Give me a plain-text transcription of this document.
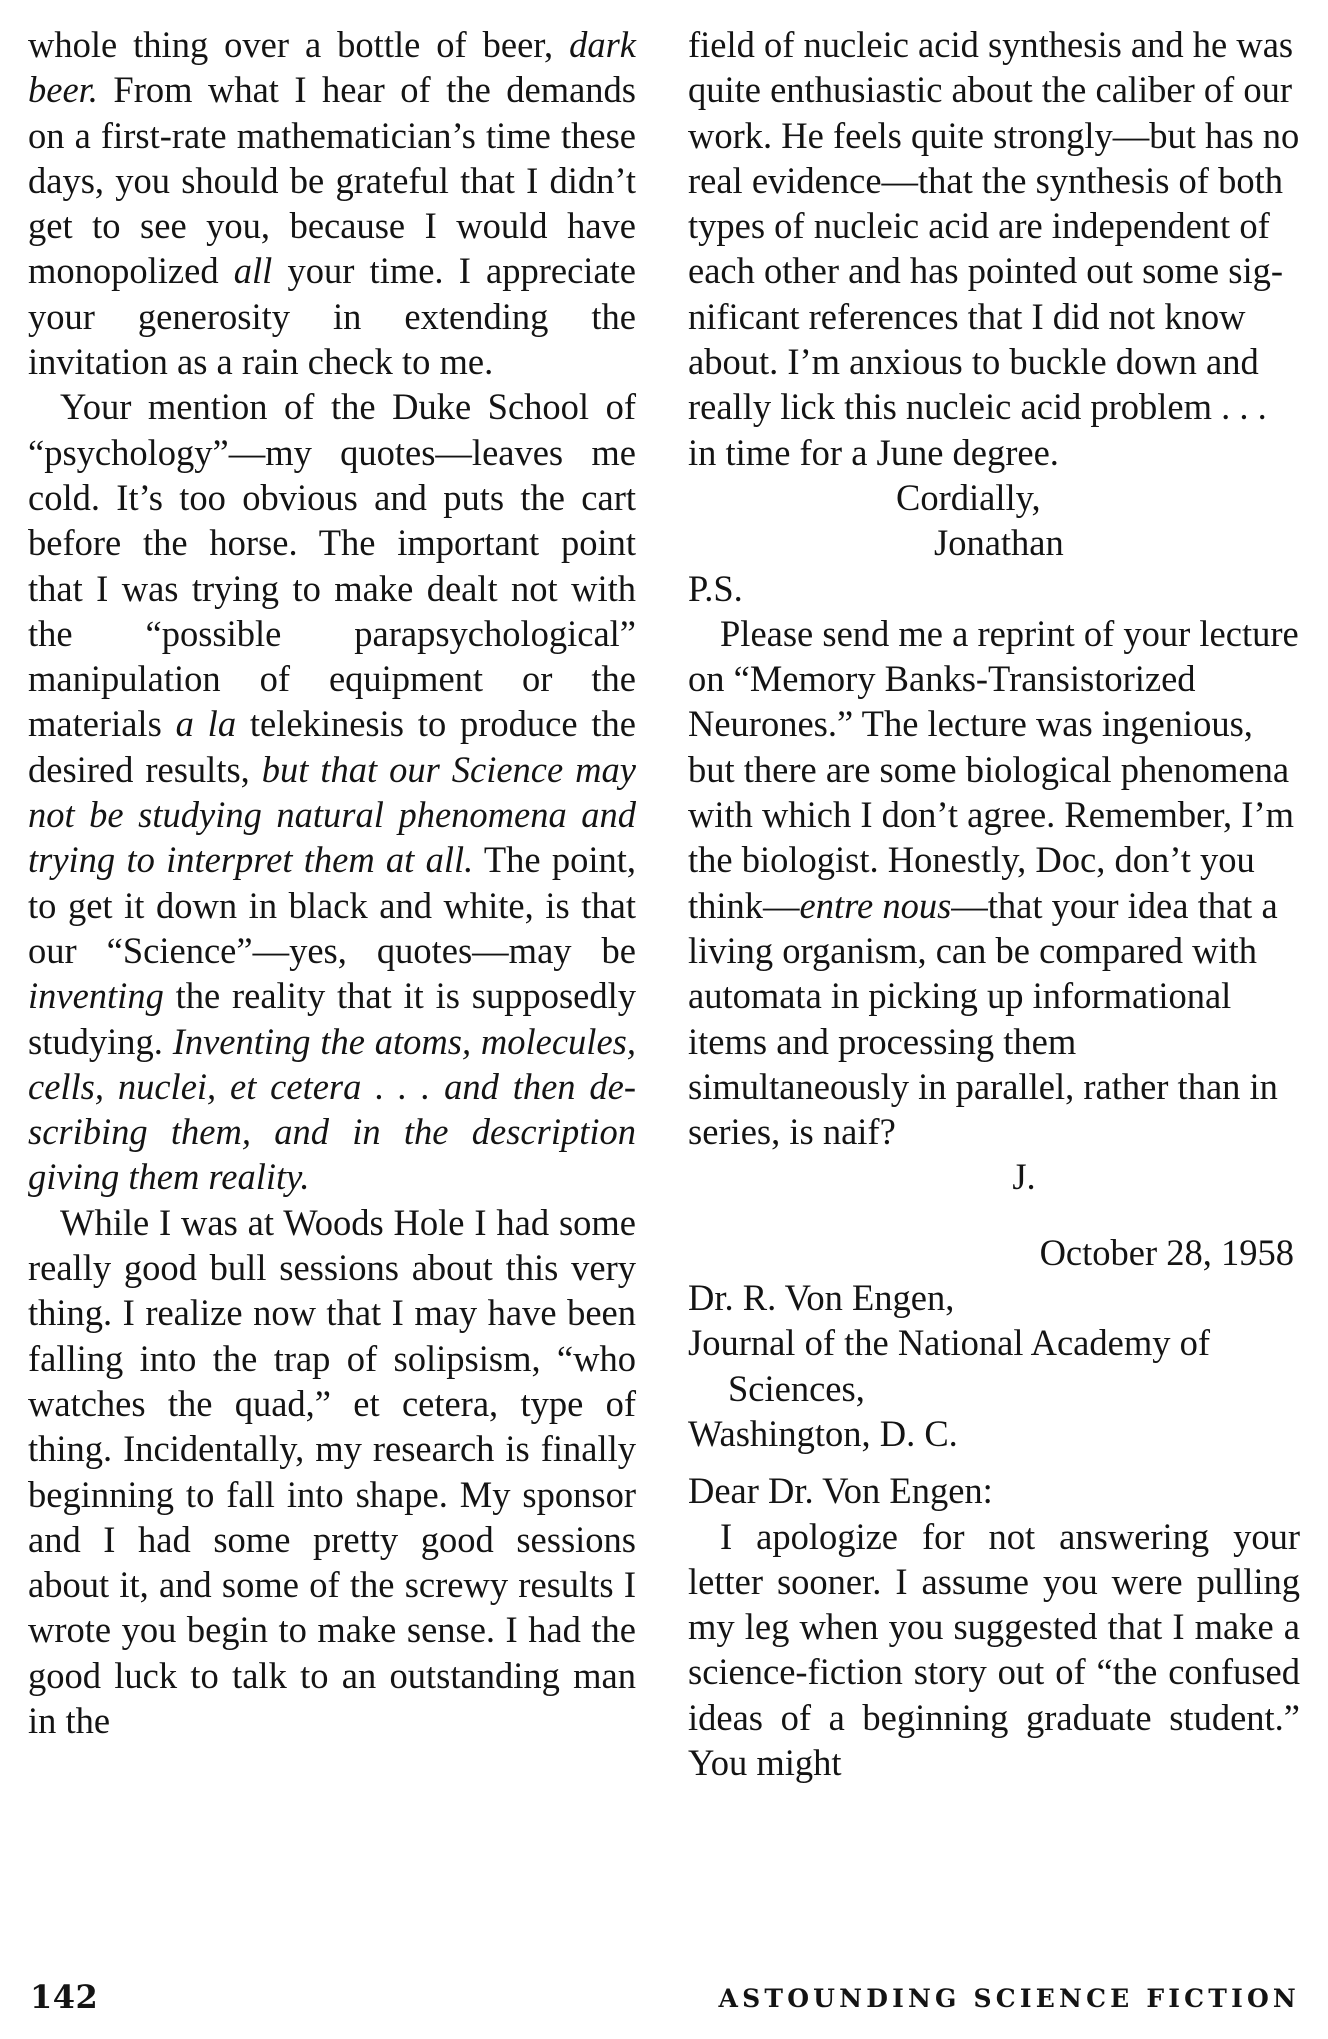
whole thing over a bottle of beer, dark beer. From what I hear of the demands on a first-rate mathematician’s time these days, you should be grateful that I didn’t get to see you, because I would have monopolized all your time. I appreciate your generosity in extending the invitation as a rain check to me.

Your mention of the Duke School of “psychology”—my quotes—leaves me cold. It’s too obvious and puts the cart before the horse. The important point that I was trying to make dealt not with the “possible parapsychological” manipulation of equipment or the materials a la telekinesis to produce the desired results, but that our Science may not be studying natural phenomena and trying to interpret them at all. The point, to get it down in black and white, is that our “Science”—yes, quotes—may be inventing the reality that it is supposedly studying. Inventing the atoms, molecules, cells, nuclei, et cetera . . . and then describing them, and in the description giving them reality.

While I was at Woods Hole I had some really good bull sessions about this very thing. I realize now that I may have been falling into the trap of solipsism, “who watches the quad,” et cetera, type of thing. Incidentally, my research is finally beginning to fall into shape. My sponsor and I had some pretty good sessions about it, and some of the screwy results I wrote you begin to make sense. I had the good luck to talk to an outstanding man in the

field of nucleic acid synthesis and he was quite enthusiastic about the caliber of our work. He feels quite strongly—but has no real evidence—that the synthesis of both types of nucleic acid are independent of each other and has pointed out some significant references that I did not know about. I’m anxious to buckle down and really lick this nucleic acid problem . . . in time for a June degree.

Cordially,
Jonathan
P.S.

Please send me a reprint of your lecture on “Memory Banks-Transistorized Neurones.” The lecture was ingenious, but there are some biological phenomena with which I don’t agree. Remember, I’m the biologist. Honestly, Doc, don’t you think—entre nous—that your idea that a living organism, can be compared with automata in picking up informational items and processing them simultaneously in parallel, rather than in series, is naif?

J.
October 28, 1958
Dr. R. Von Engen,
Journal of the National Academy of
Sciences,
Washington, D. C.
Dear Dr. Von Engen:

I apologize for not answering your letter sooner. I assume you were pulling my leg when you suggested that I make a science-fiction story out of “the confused ideas of a beginning graduate student.” You might

142	ASTOUNDING SCIENCE FICTION
